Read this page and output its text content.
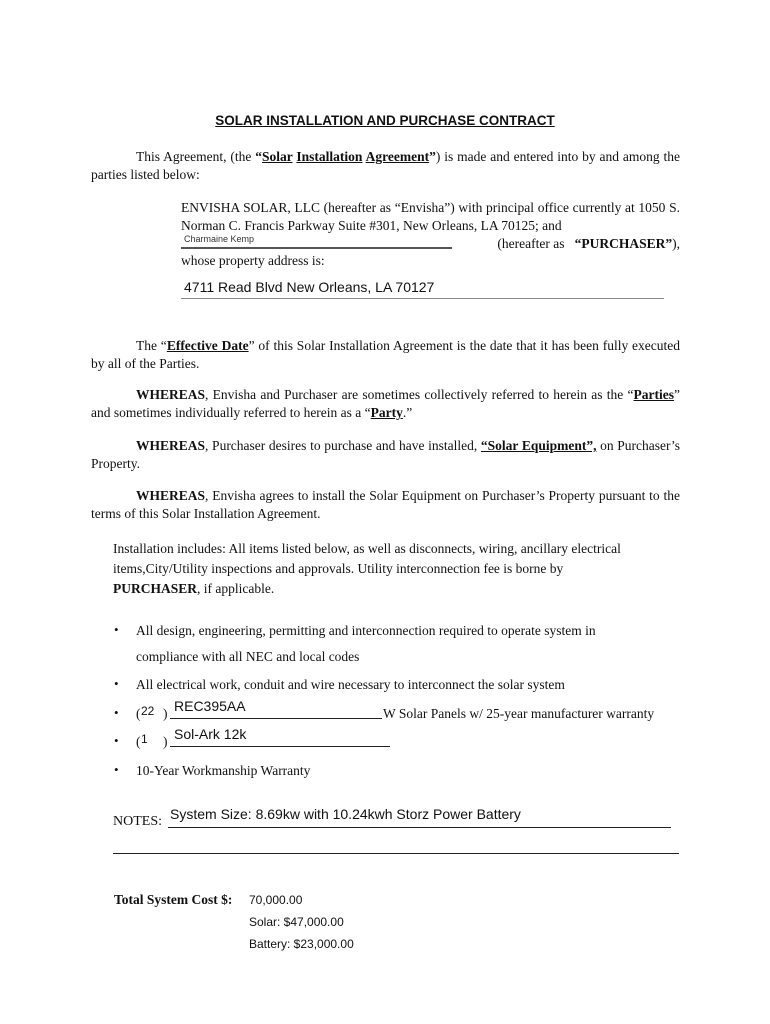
SOLAR INSTALLATION AND PURCHASE CONTRACT
This Agreement, (the “Solar Installation Agreement”) is made and entered into by and among the parties listed below:
ENVISHA SOLAR, LLC (hereafter as “Envisha”) with principal office currently at 1050 S. Norman C. Francis Parkway Suite #301, New Orleans, LA 70125; and
Charmaine Kemp	(hereafter as “PURCHASER”),
whose property address is:
4711 Read Blvd New Orleans, LA 70127
The “Effective Date” of this Solar Installation Agreement is the date that it has been fully executed by all of the Parties.
WHEREAS, Envisha and Purchaser are sometimes collectively referred to herein as the “Parties” and sometimes individually referred to herein as a “Party.”
WHEREAS, Purchaser desires to purchase and have installed, “Solar Equipment”, on Purchaser’s Property.
WHEREAS, Envisha agrees to install the Solar Equipment on Purchaser’s Property pursuant to the terms of this Solar Installation Agreement.
Installation includes: All items listed below, as well as disconnects, wiring, ancillary electrical items,City/Utility inspections and approvals. Utility interconnection fee is borne by PURCHASER, if applicable.
• All design, engineering, permitting and interconnection required to operate system in
compliance with all NEC and local codes
• All electrical work, conduit and wire necessary to interconnect the solar system
• ( 22 ) REC395AA	W Solar Panels w/ 25-year manufacturer warranty
• ( 1 ) Sol-Ark 12k
• 10-Year Workmanship Warranty
NOTES: System Size: 8.69kw with 10.24kwh Storz Power Battery
Total System Cost $: 70,000.00
Solar: $47,000.00
Battery: $23,000.00
